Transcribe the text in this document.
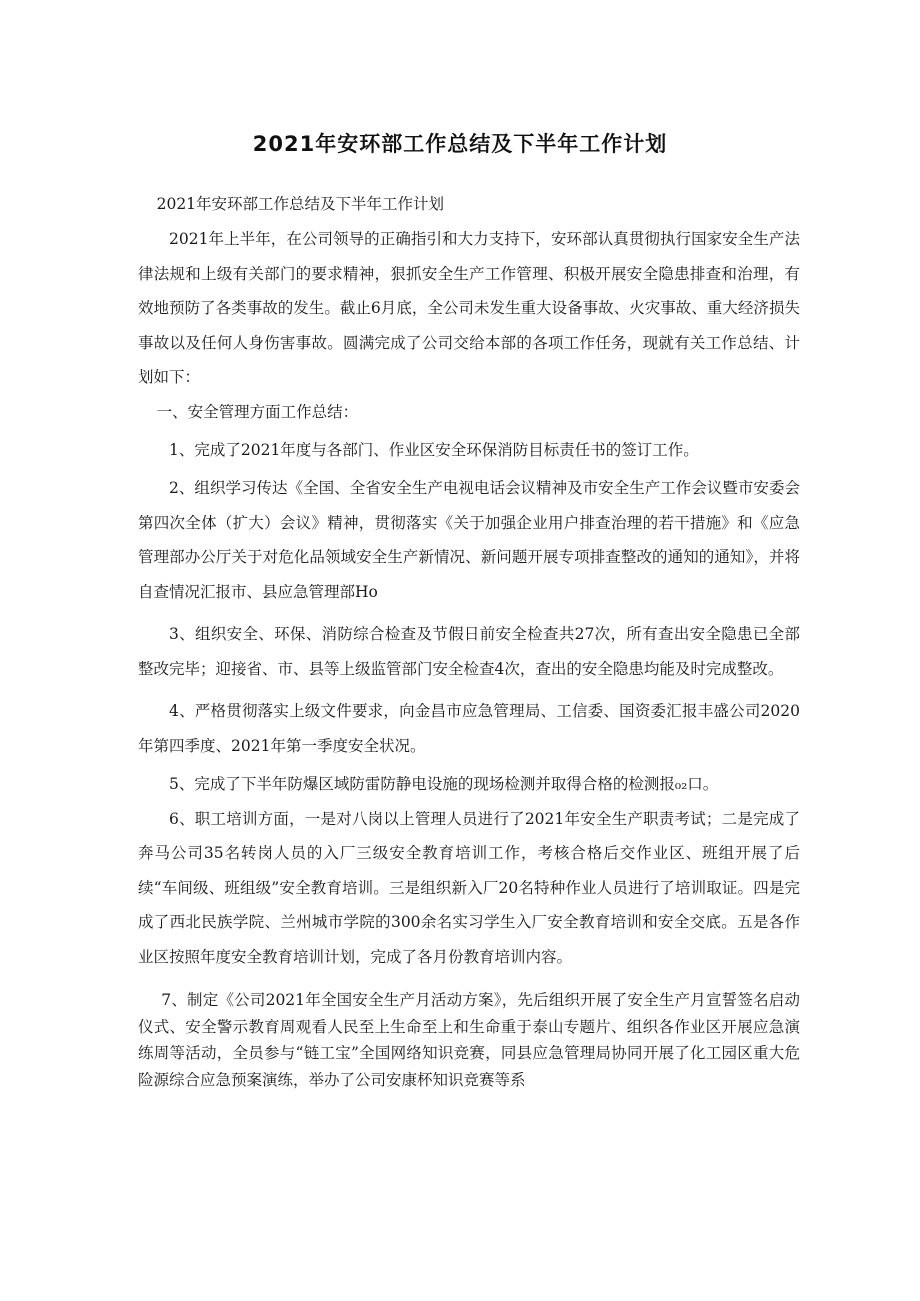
2021年安环部工作总结及下半年工作计划

2021年安环部工作总结及下半年工作计划

2021年上半年，在公司领导的正确指引和大力支持下，安环部认真贯彻执行国家安全生产法律法规和上级有关部门的要求精神，狠抓安全生产工作管理、积极开展安全隐患排查和治理，有效地预防了各类事故的发生。截止6月底，全公司未发生重大设备事故、火灾事故、重大经济损失事故以及任何人身伤害事故。圆满完成了公司交给本部的各项工作任务，现就有关工作总结、计划如下：

一、安全管理方面工作总结：

1、完成了2021年度与各部门、作业区安全环保消防目标责任书的签订工作。

2、组织学习传达《全国、全省安全生产电视电话会议精神及市安全生产工作会议暨市安委会第四次全体（扩大）会议》精神，贯彻落实《关于加强企业用户排查治理的若干措施》和《应急管理部办公厅关于对危化品领域安全生产新情况、新问题开展专项排查整改的通知的通知》，并将自查情况汇报市、县应急管理部Ho

3、组织安全、环保、消防综合检查及节假日前安全检查共27次，所有查出安全隐患已全部整改完毕；迎接省、市、县等上级监管部门安全检查4次，查出的安全隐患均能及时完成整改。

4、严格贯彻落实上级文件要求，向金昌市应急管理局、工信委、国资委汇报丰盛公司2020年第四季度、2021年第一季度安全状况。

5、完成了下半年防爆区域防雷防静电设施的现场检测并取得合格的检测报₀₂口。

6、职工培训方面，一是对八岗以上管理人员进行了2021年安全生产职责考试；二是完成了奔马公司35名转岗人员的入厂三级安全教育培训工作，考核合格后交作业区、班组开展了后续“车间级、班组级”安全教育培训。三是组织新入厂20名特种作业人员进行了培训取证。四是完成了西北民族学院、兰州城市学院的300余名实习学生入厂安全教育培训和安全交底。五是各作业区按照年度安全教育培训计划，完成了各月份教育培训内容。

7、制定《公司2021年全国安全生产月活动方案》，先后组织开展了安全生产月宣誓签名启动仪式、安全警示教育周观看人民至上生命至上和生命重于泰山专题片、组织各作业区开展应急演练周等活动，全员参与“链工宝”全国网络知识竞赛，同县应急管理局协同开展了化工园区重大危险源综合应急预案演练，举办了公司安康杯知识竞赛等系
